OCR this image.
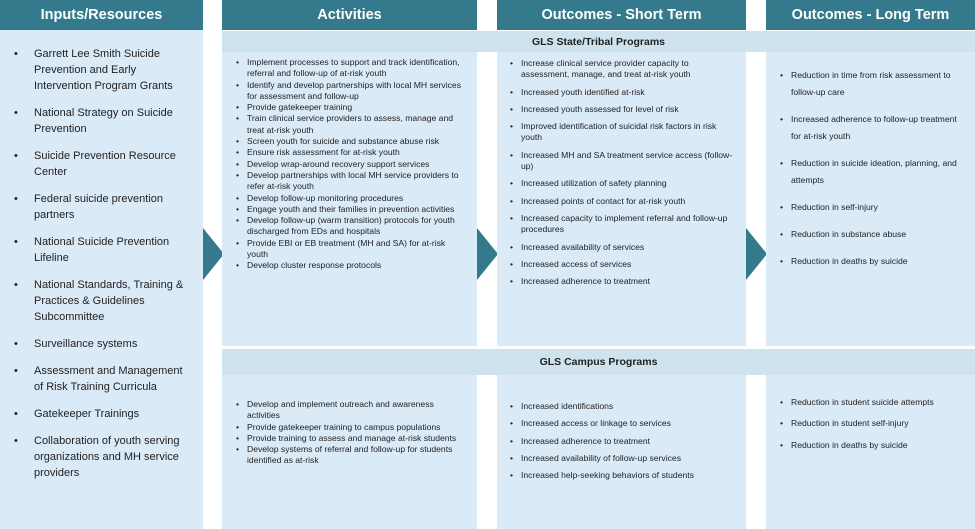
Inputs/Resources	Activities	Outcomes - Short Term	Outcomes - Long Term
• Garrett Lee Smith Suicide Prevention and Early Intervention Program Grants
• National Strategy on Suicide Prevention
• Suicide Prevention Resource Center
• Federal suicide prevention partners
• National Suicide Prevention Lifeline
• National Standards, Training & Practices & Guidelines Subcommittee
• Surveillance systems
• Assessment and Management of Risk Training Curricula
• Gatekeeper Trainings
• Collaboration of youth serving organizations and MH service providers
GLS State/Tribal Programs
• Implement processes to support and track identification, referral and follow-up of at-risk youth
• Identify and develop partnerships with local MH services for assessment and follow-up
• Provide gatekeeper training
• Train clinical service providers to assess, manage and treat at-risk youth
• Screen youth for suicide and substance abuse risk
• Ensure risk assessment for at-risk youth
• Develop wrap-around recovery support services
• Develop partnerships with local MH service providers to refer at-risk youth
• Develop follow-up monitoring procedures
• Engage youth and their families in prevention activities
• Develop follow-up (warm transition) protocols for youth discharged from EDs and hospitals
• Provide EBI or EB treatment (MH and SA) for at-risk youth
• Develop cluster response protocols
• Increase clinical service provider capacity to assessment, manage, and treat at-risk youth
• Increased youth identified at-risk
• Increased youth assessed for level of risk
• Improved identification of suicidal risk factors in risk youth
• Increased MH and SA treatment service access (follow-up)
• Increased utilization of safety planning
• Increased points of contact for at-risk youth
• Increased capacity to implement referral and follow-up procedures
• Increased availability of services
• Increased access of services
• Increased adherence to treatment
• Reduction in time from risk assessment to follow-up care
• Increased adherence to follow-up treatment for at-risk youth
• Reduction in suicide ideation, planning, and attempts
• Reduction in self-injury
• Reduction in substance abuse
• Reduction in deaths by suicide
GLS Campus Programs
• Develop and implement outreach and awareness activities
• Provide gatekeeper training to campus populations
• Provide training to assess and manage at-risk students
• Develop systems of referral and follow-up for students identified as at-risk
• Increased identifications
• Increased access or linkage to services
• Increased adherence to treatment
• Increased availability of follow-up services
• Increased help-seeking behaviors of students
• Reduction in student suicide attempts
• Reduction in student self-injury
• Reduction in deaths by suicide
